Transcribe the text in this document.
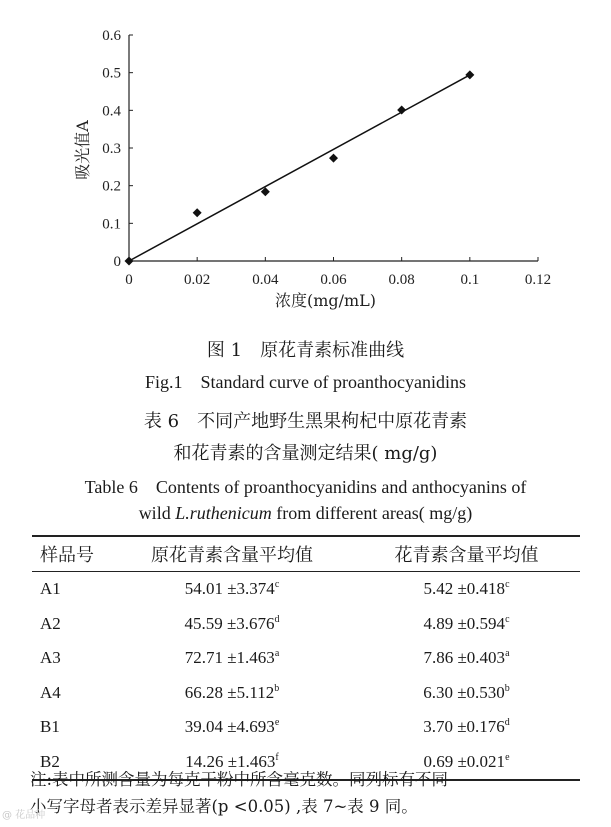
0	0.02	0.04	0.06	0.08	0.1	0.12
0
0.1
0.2
0.3
0.4
0.5
0.6
浓度(mg/mL)
吸光值A
图 1　原花青素标准曲线
Fig.1　Standard curve of proanthocyanidins
表 6　不同产地野生黑果枸杞中原花青素
和花青素的含量测定结果( mg/g)
Table 6　Contents of proanthocyanidins and anthocyanins of
wild L.ruthenicum from different areas( mg/g)
样品号	原花青素含量平均值	花青素含量平均值
A1	54.01 ±3.374$^c$	5.42 ±0.418$^c$
A2	45.59 ±3.676$^d$	4.89 ±0.594$^c$
A3	72.71 ±1.463$^a$	7.86 ±0.403$^a$
A4	66.28 ±5.112$^b$	6.30 ±0.530$^b$
B1	39.04 ±4.693$^e$	3.70 ±0.176$^d$
B2	14.26 ±1.463$^f$	0.69 ±0.021$^e$
注:表中所测含量为每克干粉中所含毫克数。同列标有不同
小写字母者表示差异显著(p <0.05) ,表 7~表 9 同。
@ 花品种
